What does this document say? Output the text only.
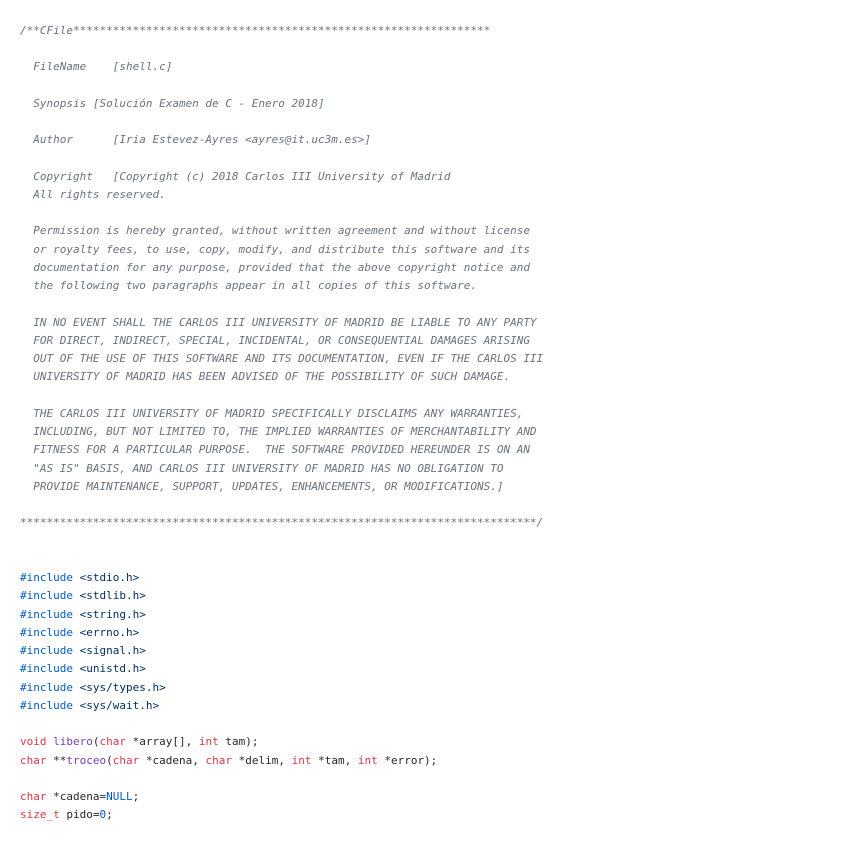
/**CFile***************************************************************
FileName    [shell.c]
Synopsis [Solución Examen de C - Enero 2018]
Author      [Iria Estevez-Ayres <ayres@it.uc3m.es>]
Copyright   [Copyright (c) 2018 Carlos III University of Madrid
All rights reserved.
Permission is hereby granted, without written agreement and without license
or royalty fees, to use, copy, modify, and distribute this software and its
documentation for any purpose, provided that the above copyright notice and
the following two paragraphs appear in all copies of this software.
IN NO EVENT SHALL THE CARLOS III UNIVERSITY OF MADRID BE LIABLE TO ANY PARTY
FOR DIRECT, INDIRECT, SPECIAL, INCIDENTAL, OR CONSEQUENTIAL DAMAGES ARISING
OUT OF THE USE OF THIS SOFTWARE AND ITS DOCUMENTATION, EVEN IF THE CARLOS III
UNIVERSITY OF MADRID HAS BEEN ADVISED OF THE POSSIBILITY OF SUCH DAMAGE.
THE CARLOS III UNIVERSITY OF MADRID SPECIFICALLY DISCLAIMS ANY WARRANTIES,
INCLUDING, BUT NOT LIMITED TO, THE IMPLIED WARRANTIES OF MERCHANTABILITY AND
FITNESS FOR A PARTICULAR PURPOSE.  THE SOFTWARE PROVIDED HEREUNDER IS ON AN
"AS IS" BASIS, AND CARLOS III UNIVERSITY OF MADRID HAS NO OBLIGATION TO
PROVIDE MAINTENANCE, SUPPORT, UPDATES, ENHANCEMENTS, OR MODIFICATIONS.]
******************************************************************************/
#include <stdio.h>
#include <stdlib.h>
#include <string.h>
#include <errno.h>
#include <signal.h>
#include <unistd.h>
#include <sys/types.h>
#include <sys/wait.h>
void libero(char *array[], int tam);
char **troceo(char *cadena, char *delim, int *tam, int *error);
char *cadena=NULL;
size_t pido=0;
